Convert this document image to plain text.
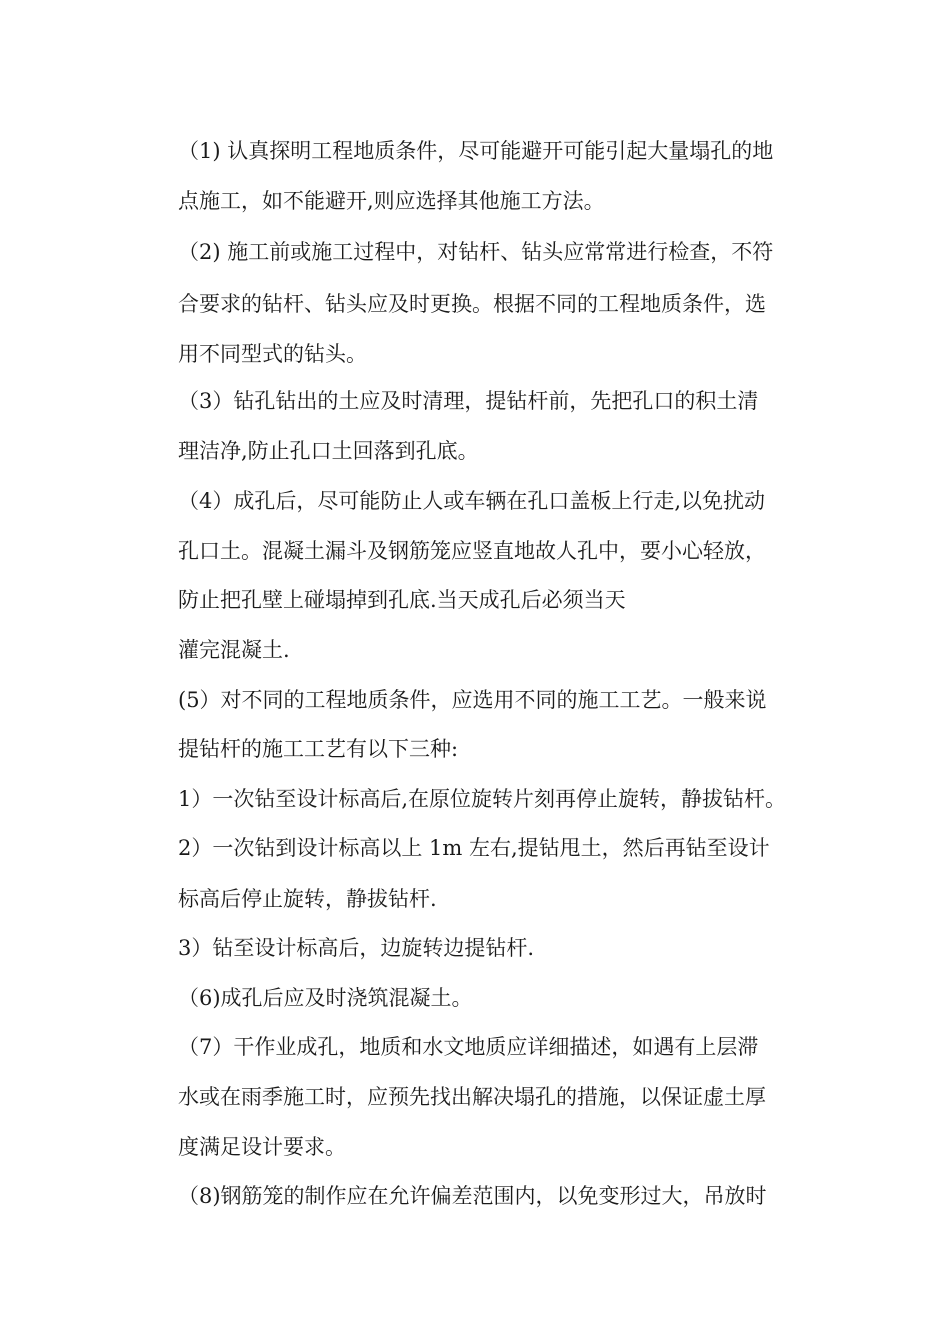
（1) 认真探明工程地质条件，尽可能避开可能引起大量塌孔的地
点施工，如不能避开,则应选择其他施工方法。
（2) 施工前或施工过程中，对钻杆、钻头应常常进行检查，不符
合要求的钻杆、钻头应及时更换。根据不同的工程地质条件，选
用不同型式的钻头。
（3）钻孔钻出的土应及时清理，提钻杆前，先把孔口的积土清
理洁净,防止孔口土回落到孔底。
（4）成孔后，尽可能防止人或车辆在孔口盖板上行走,以免扰动
孔口土。混凝土漏斗及钢筋笼应竖直地故人孔中，要小心轻放，
防止把孔壁上碰塌掉到孔底.当天成孔后必须当天
灌完混凝土.
(5）对不同的工程地质条件，应选用不同的施工工艺。一般来说
提钻杆的施工工艺有以下三种:
1）一次钻至设计标高后,在原位旋转片刻再停止旋转，静拔钻杆。
2）一次钻到设计标高以上 1m 左右,提钻甩土，然后再钻至设计
标高后停止旋转，静拔钻杆.
3）钻至设计标高后，边旋转边提钻杆.
（6)成孔后应及时浇筑混凝土。
（7）干作业成孔，地质和水文地质应详细描述，如遇有上层滞
水或在雨季施工时，应预先找出解决塌孔的措施，以保证虚土厚
度满足设计要求。
（8)钢筋笼的制作应在允许偏差范围内，以免变形过大，吊放时
